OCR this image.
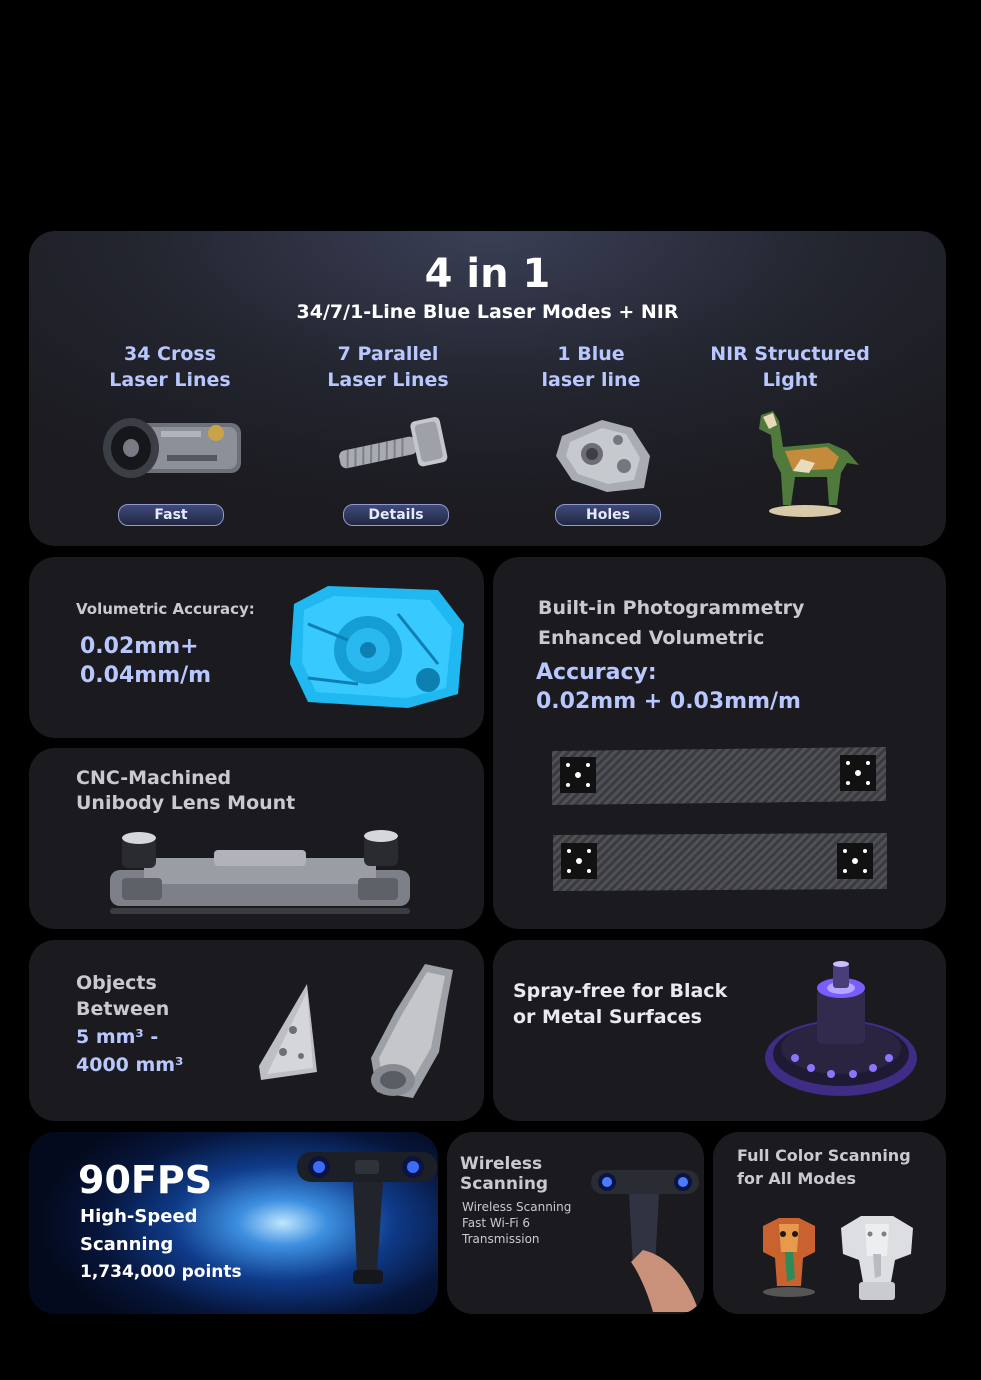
4 in 1
34/7/1-Line Blue Laser Modes + NIR
34 Cross
Laser Lines
Fast
7 Parallel
Laser Lines
Details
1 Blue
laser line
Holes
NIR Structured
Light
Volumetric Accuracy:
0.02mm+
0.04mm/m
Built-in Photogrammetry
Enhanced Volumetric
Accuracy:
0.02mm + 0.03mm/m
CNC-Machined
Unibody Lens Mount
Objects
Between
5 mm³ -
4000 mm³
Spray-free for Black
or Metal Surfaces
90FPS
High-Speed
Scanning
1,734,000 points
Wireless
Scanning
Wireless Scanning
Fast Wi-Fi 6
Transmission
Full Color Scanning
for All Modes
